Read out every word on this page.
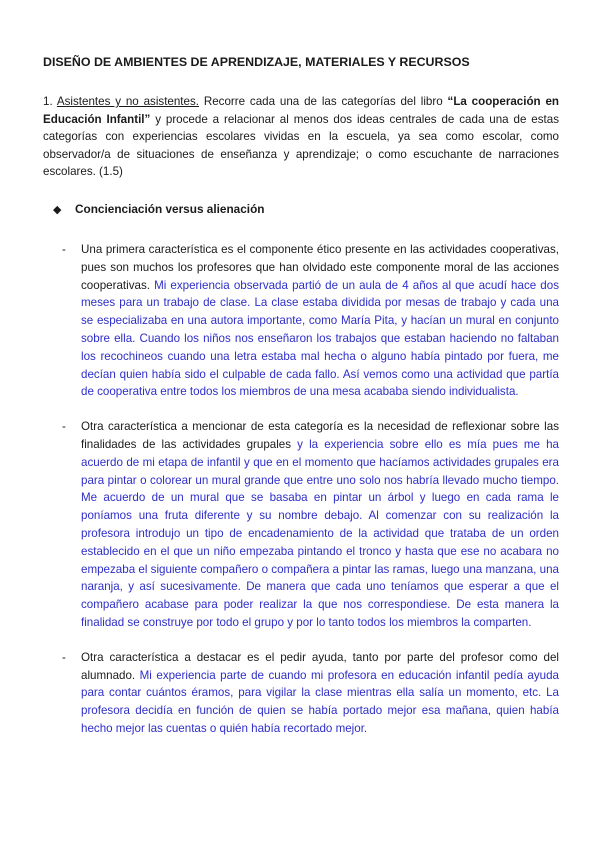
DISEÑO DE AMBIENTES DE APRENDIZAJE, MATERIALES Y RECURSOS
1. Asistentes y no asistentes. Recorre cada una de las categorías del libro “La cooperación en Educación Infantil” y procede a relacionar al menos dos ideas centrales de cada una de estas categorías con experiencias escolares vividas en la escuela, ya sea como escolar, como observador/a de situaciones de enseñanza y aprendizaje; o como escuchante de narraciones escolares. (1.5)
◆ Concienciación versus alienación
- Una primera característica es el componente ético presente en las actividades cooperativas, pues son muchos los profesores que han olvidado este componente moral de las acciones cooperativas. Mi experiencia observada partió de un aula de 4 años al que acudí hace dos meses para un trabajo de clase. La clase estaba dividida por mesas de trabajo y cada una se especializaba en una autora importante, como María Pita, y hacían un mural en conjunto sobre ella. Cuando los niños nos enseñaron los trabajos que estaban haciendo no faltaban los recochineos cuando una letra estaba mal hecha o alguno había pintado por fuera, me decían quien había sido el culpable de cada fallo. Así vemos como una actividad que partía de cooperativa entre todos los miembros de una mesa acababa siendo individualista.
- Otra característica a mencionar de esta categoría es la necesidad de reflexionar sobre las finalidades de las actividades grupales y la experiencia sobre ello es mía pues me ha acuerdo de mi etapa de infantil y que en el momento que hacíamos actividades grupales era para pintar o colorear un mural grande que entre uno solo nos habría llevado mucho tiempo. Me acuerdo de un mural que se basaba en pintar un árbol y luego en cada rama le poníamos una fruta diferente y su nombre debajo. Al comenzar con su realización la profesora introdujo un tipo de encadenamiento de la actividad que trataba de un orden establecido en el que un niño empezaba pintando el tronco y hasta que ese no acabara no empezaba el siguiente compañero o compañera a pintar las ramas, luego una manzana, una naranja, y así sucesivamente. De manera que cada uno teníamos que esperar a que el compañero acabase para poder realizar la que nos correspondiese. De esta manera la finalidad se construye por todo el grupo y por lo tanto todos los miembros la comparten.
- Otra característica a destacar es el pedir ayuda, tanto por parte del profesor como del alumnado. Mi experiencia parte de cuando mi profesora en educación infantil pedía ayuda para contar cuántos éramos, para vigilar la clase mientras ella salía un momento, etc. La profesora decidía en función de quien se había portado mejor esa mañana, quien había hecho mejor las cuentas o quién había recortado mejor.
